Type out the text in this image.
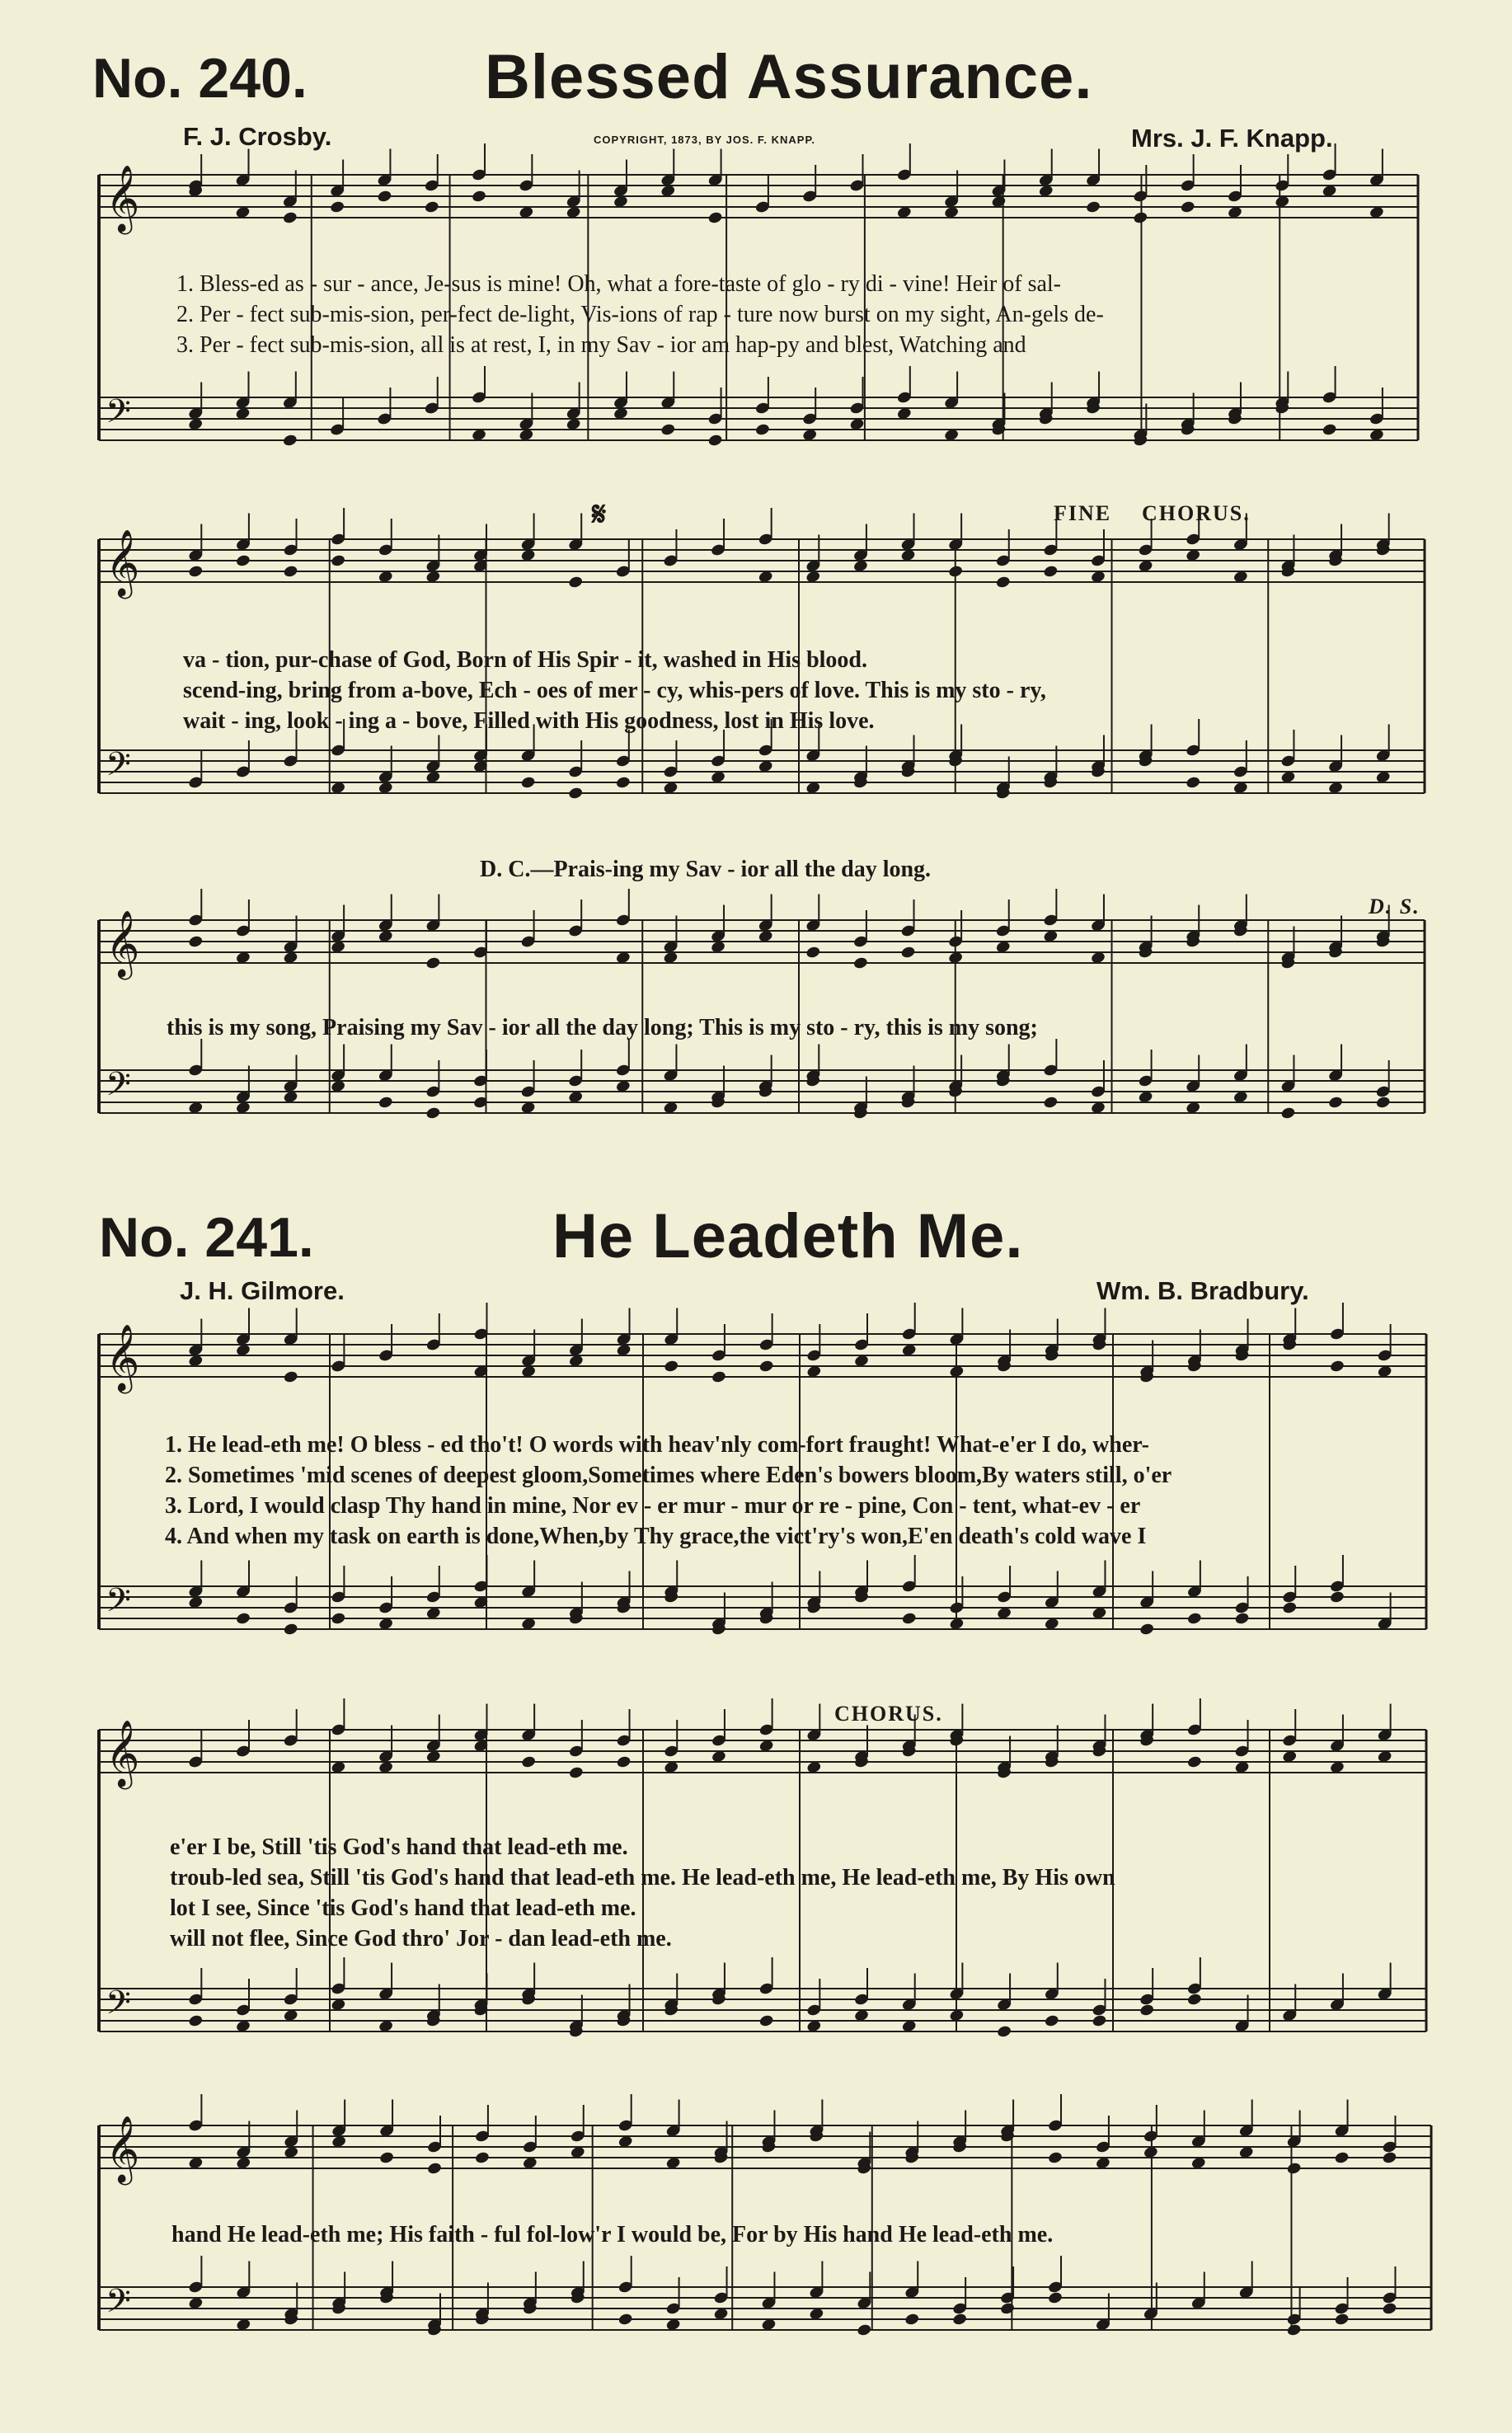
𝄞
𝄢
𝄞
𝄢
𝄞
𝄢
𝄞
𝄢
𝄞
𝄢
𝄞
𝄢
No. 240.	Blessed Assurance.
F. J. Crosby.	COPYRIGHT, 1873, BY JOS. F. KNAPP.	Mrs. J. F. Knapp.
1. Bless-ed as - sur - ance, Je-sus is mine! Oh, what a fore-taste of glo - ry di - vine! Heir of sal-
2. Per - fect sub-mis-sion, per-fect de-light, Vis-ions of rap - ture now burst on my sight, An-gels de-
3. Per - fect sub-mis-sion, all is at rest, I, in my Sav - ior am hap-py and blest, Watching and
𝄋	FINE CHORUS.
va - tion, pur-chase of God, Born of His Spir - it, washed in His blood.
scend-ing, bring from a-bove, Ech - oes of mer - cy, whis-pers of love. This is my sto - ry,
wait - ing, look - ing a - bove, Filled with His goodness, lost in His love.
D. C.—Prais-ing my Sav - ior all the day long.
D. S.
this is my song, Praising my Sav - ior all the day long; This is my sto - ry, this is my song;
No. 241.	He Leadeth Me.
J. H. Gilmore.	Wm. B. Bradbury.
1. He lead-eth me! O bless - ed tho't! O words with heav'nly com-fort fraught! What-e'er I do, wher-
2. Sometimes 'mid scenes of deepest gloom,Sometimes where Eden's bowers bloom,By waters still, o'er
3. Lord, I would clasp Thy hand in mine, Nor ev - er mur - mur or re - pine, Con - tent, what-ev - er
4. And when my task on earth is done,When,by Thy grace,the vict'ry's won,E'en death's cold wave I
CHORUS.
e'er I be, Still 'tis God's hand that lead-eth me.
troub-led sea, Still 'tis God's hand that lead-eth me. He lead-eth me, He lead-eth me, By His own
lot I see, Since 'tis God's hand that lead-eth me.
will not flee, Since God thro' Jor - dan lead-eth me.
hand He lead-eth me; His faith - ful fol-low'r I would be, For by His hand He lead-eth me.
